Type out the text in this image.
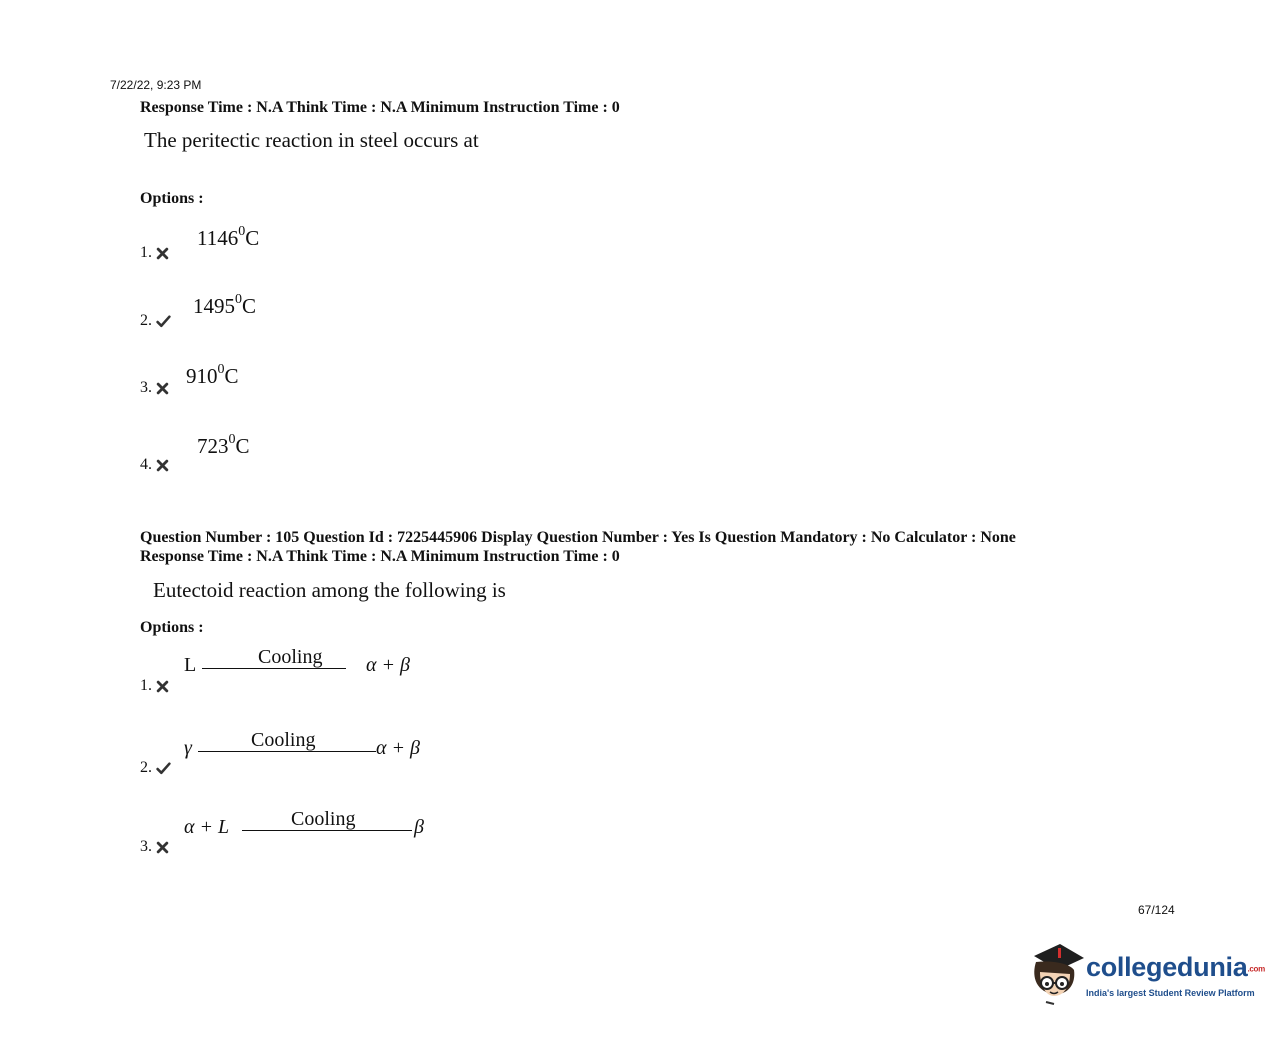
7/22/22, 9:23 PM
Response Time : N.A Think Time : N.A Minimum Instruction Time : 0
The peritectic reaction in steel occurs at
Options :
1.
1146$^0$C
2.
1495$^0$C
3.	$910^0C$
4.
$723^0C$
Question Number : 105 Question Id : 7225445906 Display Question Number : Yes Is Question Mandatory : No Calculator : None
Response Time : N.A Think Time : N.A Minimum Instruction Time : 0
Eutectoid reaction among the following is
Options :
1.
L	Cooling α + β
2.
γ	Cooling	α + β
3.
α + L	Cooling	β
67/124
collegedunia.com
India's largest Student Review Platform
